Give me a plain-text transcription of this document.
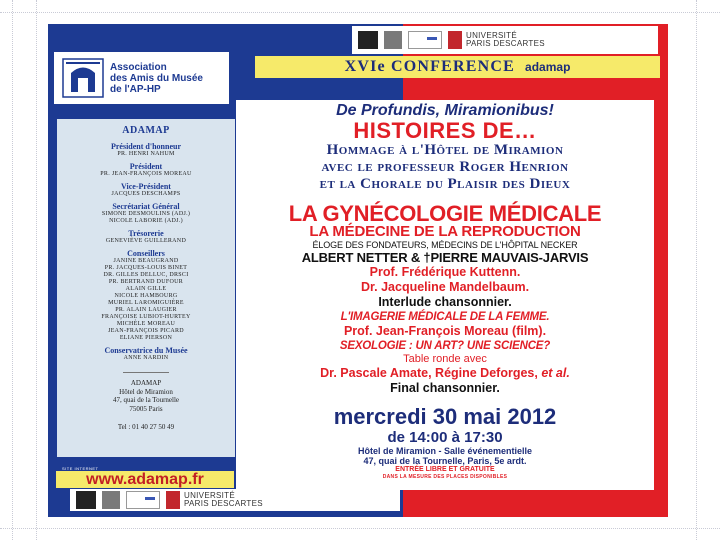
UNIVERSITÉ
PARIS DESCARTES
Association
des Amis du Musée
de l'AP-HP
XVIe CONFERENCE adamap
ADAMAP
Président d'honneur
PR. HENRI NAHUM
Président
PR. JEAN-FRANÇOIS MOREAU
Vice-Président
JACQUES DESCHAMPS
Secrétariat Général
SIMONE DESMOULINS (ADJ.)
NICOLE LABORIE (ADJ.)
Trésorerie
GENEVIÈVE GUILLERAND
Conseillers
JANINE BEAUGRAND
PR. JACQUES-LOUIS BINET
DR. GILLES DELLUC, DRSCI
PR. BERTRAND DUFOUR
ALAIN GILLE
NICOLE HAMBOURG
MURIEL LAROMIGUIÈRE
PR. ALAIN LAUGIER
FRANÇOISE LUBIOT-HURTEY
MICHÈLE MOREAU
JEAN-FRANÇOIS PICARD
ELIANE PIERSON
Conservatrice du Musée
ANNE NARDIN
ADAMAP
Hôtel de Miramion
47, quai de la Tournelle
75005 Paris
Tel : 01 40 27 50 49
SITE INTERNET
www.adamap.fr
De Profundis, Miramionibus!
HISTOIRES DE…
Hommage à l'Hôtel de Miramion
avec le professeur Roger Henrion
et la Chorale du Plaisir des Dieux
LA GYNÉCOLOGIE MÉDICALE
LA MÉDECINE DE LA REPRODUCTION
ÉLOGE DES FONDATEURS, MÉDECINS DE L'HÔPITAL NECKER
ALBERT NETTER & †PIERRE MAUVAIS-JARVIS
Prof. Frédérique Kuttenn.
Dr. Jacqueline Mandelbaum.
Interlude chansonnier.
L'IMAGERIE MÉDICALE DE LA FEMME.
Prof. Jean-François Moreau (film).
SEXOLOGIE : UN ART? UNE SCIENCE?
Table ronde avec
Dr. Pascale Amate, Régine Deforges, et al.
Final chansonnier.
mercredi 30 mai 2012
de 14:00 à 17:30
Hôtel de Miramion - Salle événementielle
47, quai de la Tournelle, Paris, 5e ardt.
ENTRÉE LIBRE ET GRATUITE
DANS LA MESURE DES PLACES DISPONIBLES
UNIVERSITÉ
PARIS DESCARTES
